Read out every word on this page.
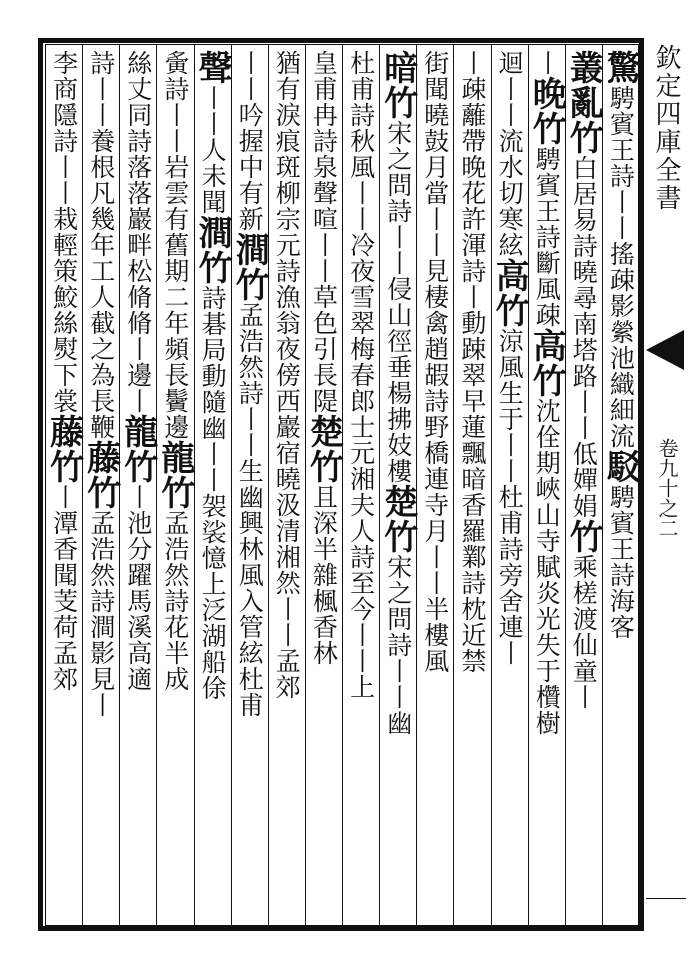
驚騁賓王詩丨丨搖疎影縈池織細流駁騁賓王詩海客
叢亂竹白居易詩曉尋南塔路丨丨低嬋娟竹乘槎渡仙童丨
丨晚竹騁賓王詩斷風疎高竹沈佺期峽山寺賦炎光失于欑樹
迴丨丨流水切寒絃高竹涼風生于丨丨杜甫詩旁舍連丨
丨疎蘺帶晚花許渾詩丨動踈翠早蓮飄暗香羅鄴詩枕近禁
街聞曉鼓月當丨丨見棲禽趙嘏詩野橋連寺月丨丨半樓風
暗竹宋之問詩丨丨侵山徑垂楊拂妓樓楚竹宋之問詩丨丨幽
杜甫詩秋風丨丨冷夜雪翠梅春郎士元湘夫人詩至今丨丨上
皇甫冉詩泉聲喧丨丨草色引長隄楚竹且深半雜楓香林
猶有淚痕斑柳宗元詩漁翁夜傍西巖宿曉汲清湘然丨丨孟郊
丨丨吟握中有新澗竹孟浩然詩丨丨生幽興林風入管絃杜甫
聲丨丨人未聞澗竹詩碁局動隨幽丨丨袈裟憶上泛湖船俆
夤詩丨丨岩雲有舊期二年頻長鬢邊龍竹孟浩然詩花半成
絲丈同詩落落巖畔松脩脩丨邊丨龍竹丨池分躍馬溪高適
詩丨丨養根凡幾年工人截之為長鞭藤竹孟浩然詩澗影見丨
李商隱詩丨丨栽輕策鮫絲熨下裳藤竹丨潭香聞芰荷孟郊
欽定四庫全書
卷九十之二
